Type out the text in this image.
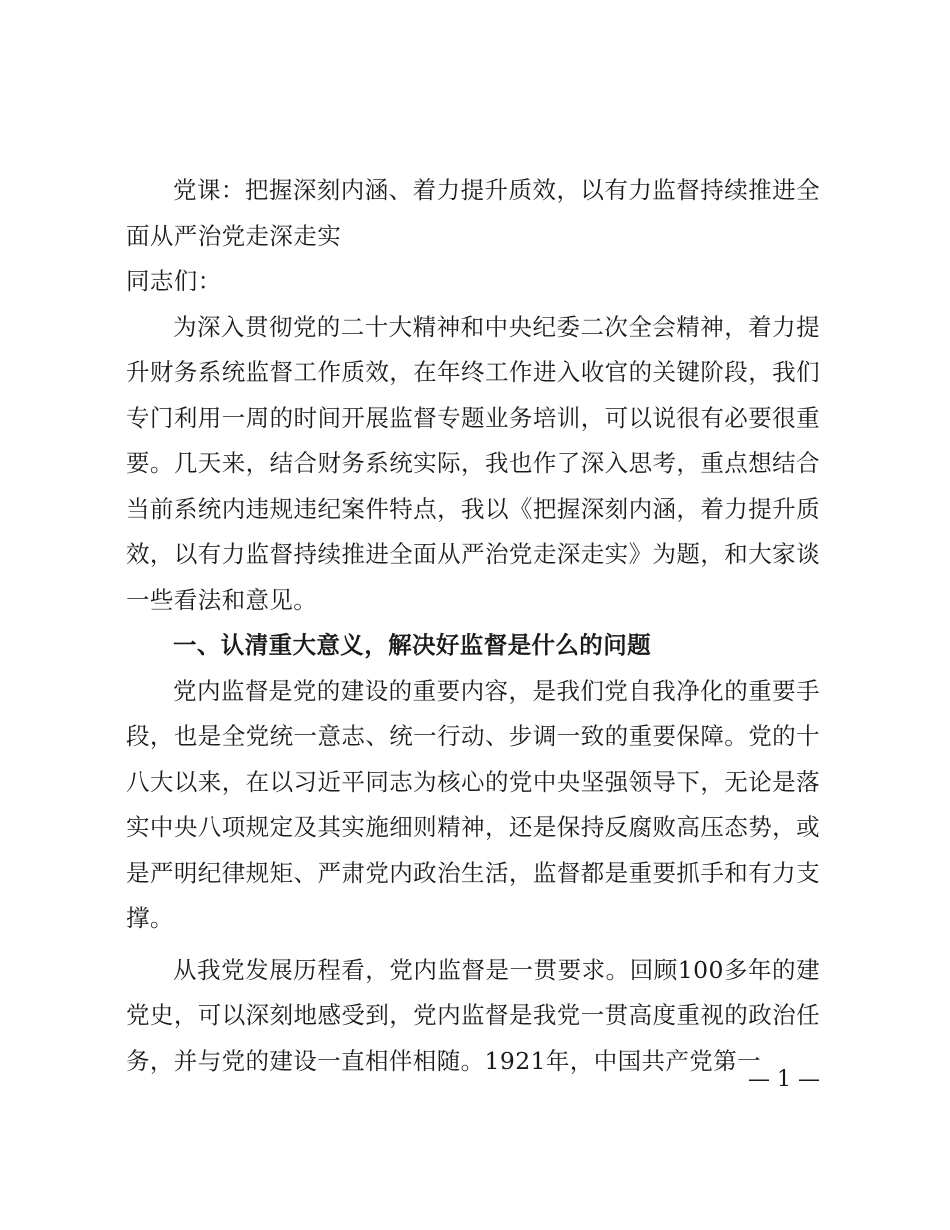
党课：把握深刻内涵、着力提升质效，以有力监督持续推进全面从严治党走深走实

同志们：

为深入贯彻党的二十大精神和中央纪委二次全会精神，着力提升财务系统监督工作质效，在年终工作进入收官的关键阶段，我们专门利用一周的时间开展监督专题业务培训，可以说很有必要很重要。几天来，结合财务系统实际，我也作了深入思考，重点想结合当前系统内违规违纪案件特点，我以《把握深刻内涵，着力提升质效，以有力监督持续推进全面从严治党走深走实》为题，和大家谈一些看法和意见。

一、认清重大意义，解决好监督是什么的问题

党内监督是党的建设的重要内容，是我们党自我净化的重要手段，也是全党统一意志、统一行动、步调一致的重要保障。党的十八大以来，在以习近平同志为核心的党中央坚强领导下，无论是落实中央八项规定及其实施细则精神，还是保持反腐败高压态势，或是严明纪律规矩、严肃党内政治生活，监督都是重要抓手和有力支撑。

从我党发展历程看，党内监督是一贯要求。回顾100多年的建党史，可以深刻地感受到，党内监督是我党一贯高度重视的政治任务，并与党的建设一直相伴相随。1921年，中国共产党第一

— 1 —
